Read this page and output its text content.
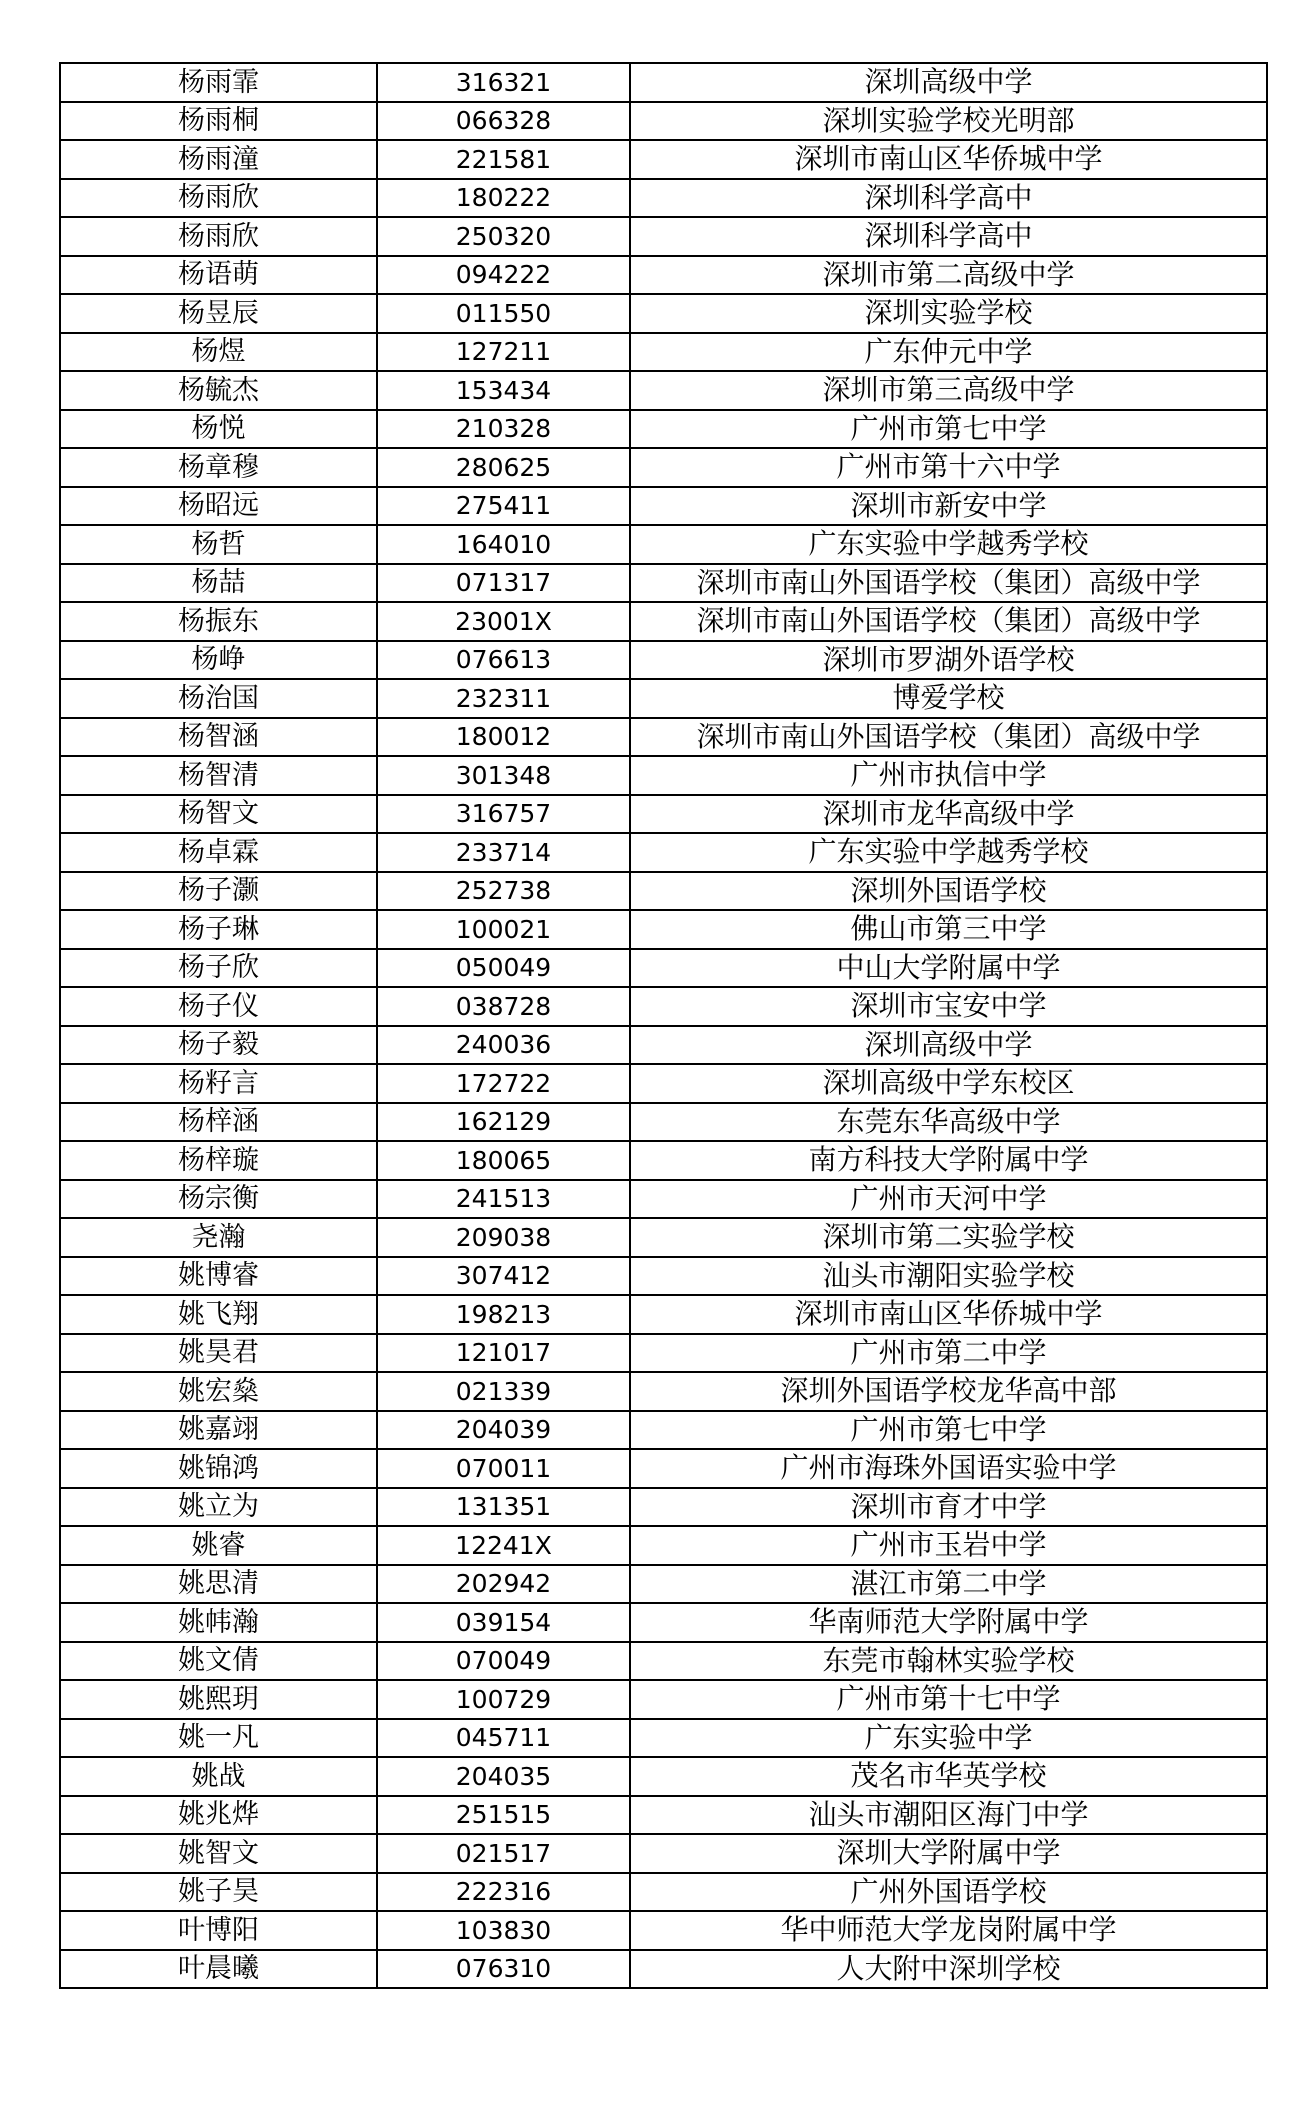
杨雨霏	316321	深圳高级中学
杨雨桐	066328	深圳实验学校光明部
杨雨潼	221581	深圳市南山区华侨城中学
杨雨欣	180222	深圳科学高中
杨雨欣	250320	深圳科学高中
杨语萌	094222	深圳市第二高级中学
杨昱辰	011550	深圳实验学校
杨煜	127211	广东仲元中学
杨毓杰	153434	深圳市第三高级中学
杨悦	210328	广州市第七中学
杨章穆	280625	广州市第十六中学
杨昭远	275411	深圳市新安中学
杨哲	164010	广东实验中学越秀学校
杨喆	071317	深圳市南山外国语学校（集团）高级中学
杨振东	23001X	深圳市南山外国语学校（集团）高级中学
杨峥	076613	深圳市罗湖外语学校
杨治国	232311	博爱学校
杨智涵	180012	深圳市南山外国语学校（集团）高级中学
杨智清	301348	广州市执信中学
杨智文	316757	深圳市龙华高级中学
杨卓霖	233714	广东实验中学越秀学校
杨子灏	252738	深圳外国语学校
杨子琳	100021	佛山市第三中学
杨子欣	050049	中山大学附属中学
杨子仪	038728	深圳市宝安中学
杨子毅	240036	深圳高级中学
杨籽言	172722	深圳高级中学东校区
杨梓涵	162129	东莞东华高级中学
杨梓璇	180065	南方科技大学附属中学
杨宗衡	241513	广州市天河中学
尧瀚	209038	深圳市第二实验学校
姚博睿	307412	汕头市潮阳实验学校
姚飞翔	198213	深圳市南山区华侨城中学
姚昊君	121017	广州市第二中学
姚宏燊	021339	深圳外国语学校龙华高中部
姚嘉翊	204039	广州市第七中学
姚锦鸿	070011	广州市海珠外国语实验中学
姚立为	131351	深圳市育才中学
姚睿	12241X	广州市玉岩中学
姚思清	202942	湛江市第二中学
姚帏瀚	039154	华南师范大学附属中学
姚文倩	070049	东莞市翰林实验学校
姚熙玥	100729	广州市第十七中学
姚一凡	045711	广东实验中学
姚战	204035	茂名市华英学校
姚兆烨	251515	汕头市潮阳区海门中学
姚智文	021517	深圳大学附属中学
姚子昊	222316	广州外国语学校
叶博阳	103830	华中师范大学龙岗附属中学
叶晨曦	076310	人大附中深圳学校
